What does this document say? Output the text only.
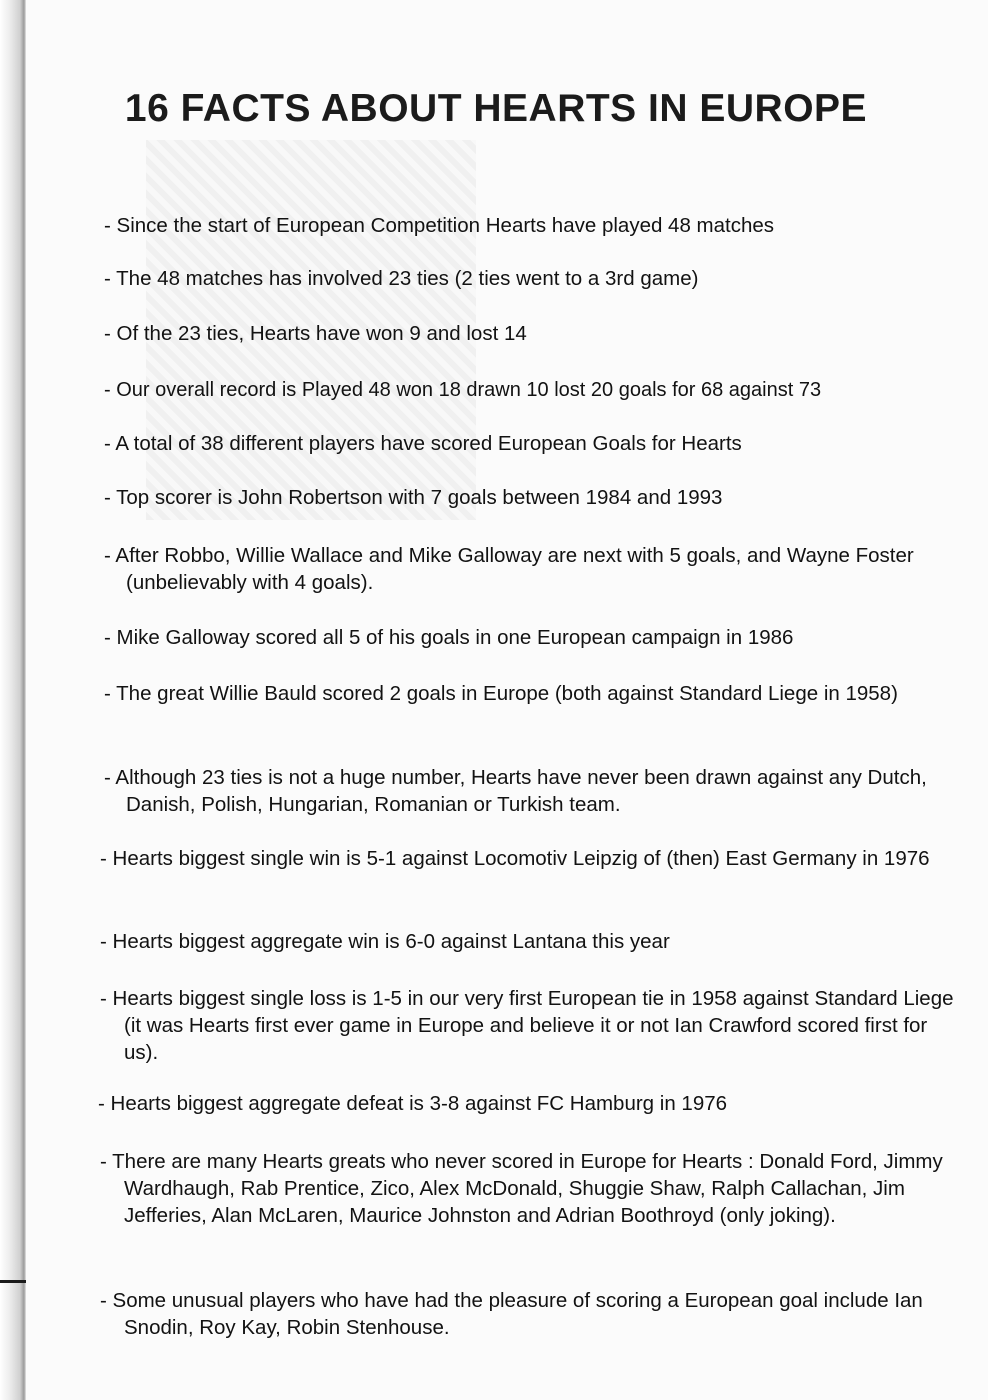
16 FACTS ABOUT HEARTS IN EUROPE

- Since the start of European Competition Hearts have played 48 matches

- The 48 matches has involved 23 ties (2 ties went to a 3rd game)

- Of the 23 ties, Hearts have won 9 and lost 14

- Our overall record is Played 48 won 18 drawn 10 lost 20 goals for 68 against 73

- A total of 38 different players have scored European Goals for Hearts

- Top scorer is John Robertson with 7 goals between 1984 and 1993

- After Robbo, Willie Wallace and Mike Galloway are next with 5 goals, and Wayne Foster (unbelievably with 4 goals).

- Mike Galloway scored all 5 of his goals in one European campaign in 1986

- The great Willie Bauld scored 2 goals in Europe (both against Standard Liege in 1958)

- Although 23 ties is not a huge number, Hearts have never been drawn against any Dutch, Danish, Polish, Hungarian, Romanian or Turkish team.

- Hearts biggest single win is 5-1 against Locomotiv Leipzig of (then) East Germany in 1976

- Hearts biggest aggregate win is 6-0 against Lantana this year

- Hearts biggest single loss is 1-5 in our very first European tie in 1958 against Standard Liege (it was Hearts first ever game in Europe and believe it or not Ian Crawford scored first for us).

- Hearts biggest aggregate defeat is 3-8 against FC Hamburg in 1976

- There are many Hearts greats who never scored in Europe for Hearts : Donald Ford, Jimmy Wardhaugh, Rab Prentice, Zico, Alex McDonald, Shuggie Shaw, Ralph Callachan, Jim Jefferies, Alan McLaren, Maurice Johnston and Adrian Boothroyd (only joking).

- Some unusual players who have had the pleasure of scoring a European goal include Ian Snodin, Roy Kay, Robin Stenhouse.
